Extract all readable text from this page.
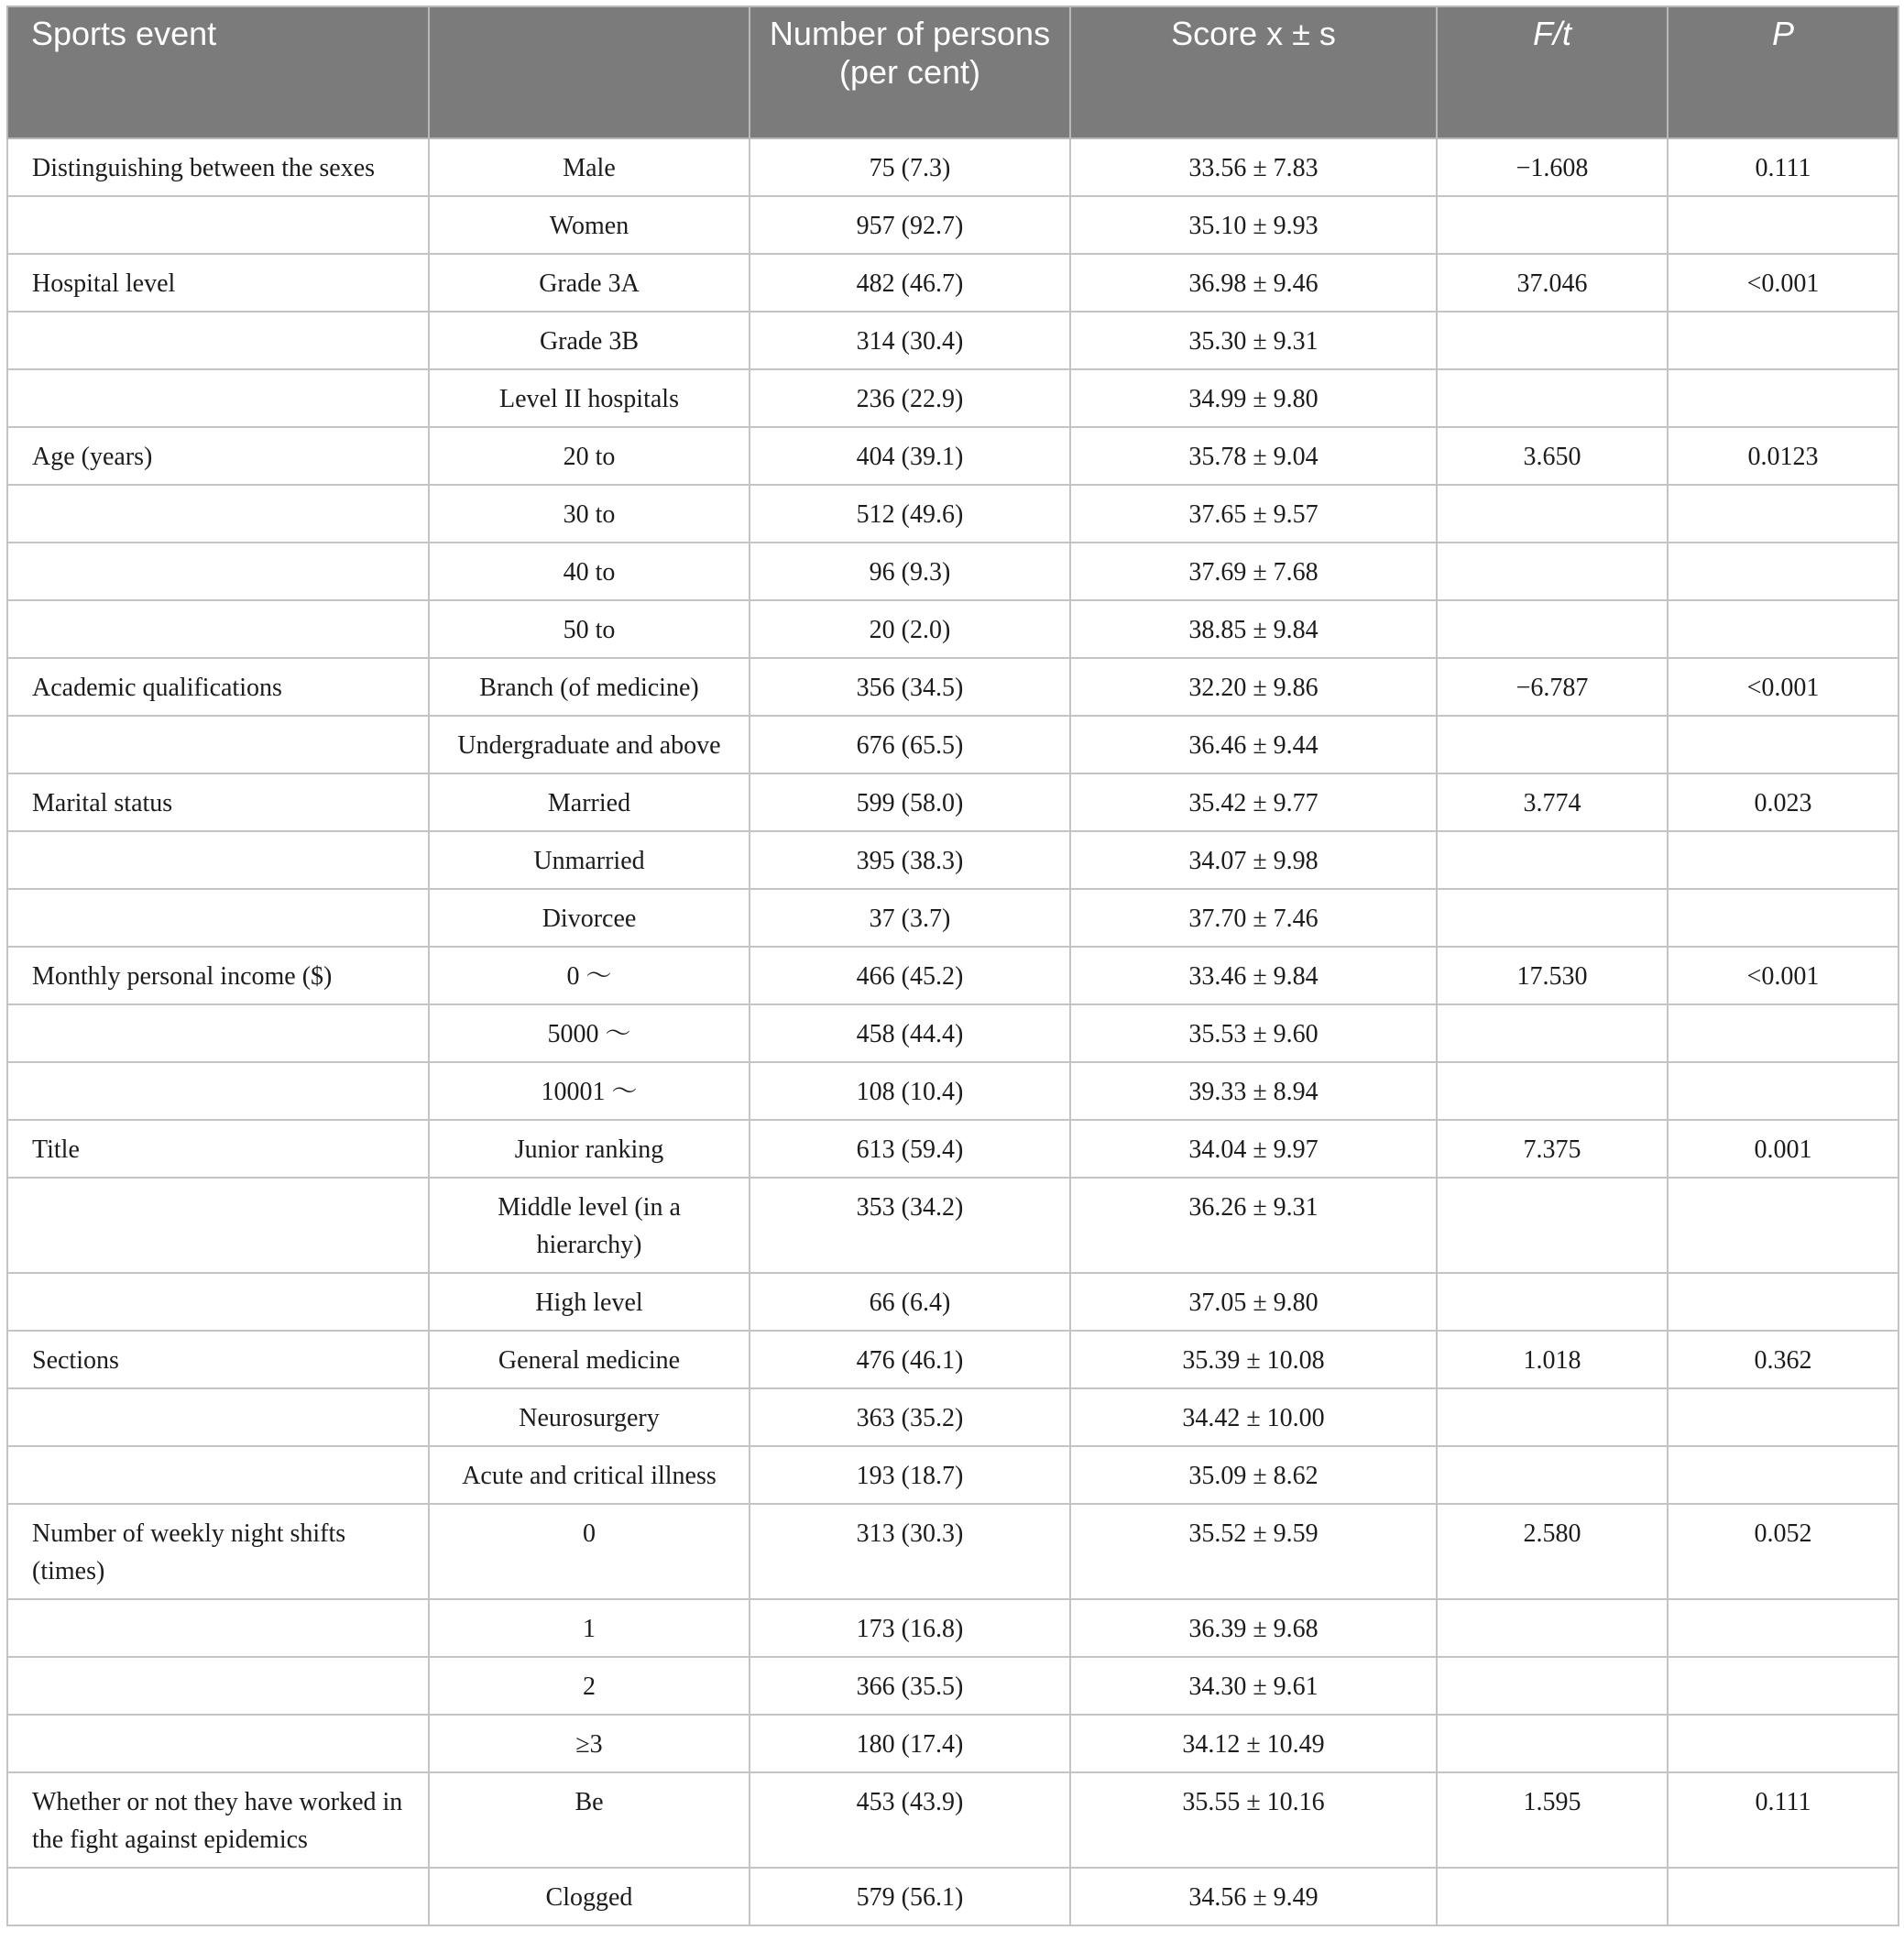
Sports event		Number of persons (per cent)	Score x ± s	F/t	P
Distinguishing between the sexes	Male	75 (7.3)	33.56 ± 7.83	−1.608	0.111
	Women	957 (92.7)	35.10 ± 9.93		
Hospital level	Grade 3A	482 (46.7)	36.98 ± 9.46	37.046	<0.001
	Grade 3B	314 (30.4)	35.30 ± 9.31		
	Level II hospitals	236 (22.9)	34.99 ± 9.80		
Age (years)	20 to	404 (39.1)	35.78 ± 9.04	3.650	0.0123
	30 to	512 (49.6)	37.65 ± 9.57		
	40 to	96 (9.3)	37.69 ± 7.68		
	50 to	20 (2.0)	38.85 ± 9.84		
Academic qualifications	Branch (of medicine)	356 (34.5)	32.20 ± 9.86	−6.787	<0.001
	Undergraduate and above	676 (65.5)	36.46 ± 9.44		
Marital status	Married	599 (58.0)	35.42 ± 9.77	3.774	0.023
	Unmarried	395 (38.3)	34.07 ± 9.98		
	Divorcee	37 (3.7)	37.70 ± 7.46		
Monthly personal income ($)	0 ～	466 (45.2)	33.46 ± 9.84	17.530	<0.001
	5000 ～	458 (44.4)	35.53 ± 9.60		
	10001 ～	108 (10.4)	39.33 ± 8.94		
Title	Junior ranking	613 (59.4)	34.04 ± 9.97	7.375	0.001
	Middle level (in a hierarchy)	353 (34.2)	36.26 ± 9.31		
	High level	66 (6.4)	37.05 ± 9.80		
Sections	General medicine	476 (46.1)	35.39 ± 10.08	1.018	0.362
	Neurosurgery	363 (35.2)	34.42 ± 10.00		
	Acute and critical illness	193 (18.7)	35.09 ± 8.62		
Number of weekly night shifts (times)	0	313 (30.3)	35.52 ± 9.59	2.580	0.052
	1	173 (16.8)	36.39 ± 9.68		
	2	366 (35.5)	34.30 ± 9.61		
	≥3	180 (17.4)	34.12 ± 10.49		
Whether or not they have worked in the fight against epidemics	Be	453 (43.9)	35.55 ± 10.16	1.595	0.111
	Clogged	579 (56.1)	34.56 ± 9.49		
